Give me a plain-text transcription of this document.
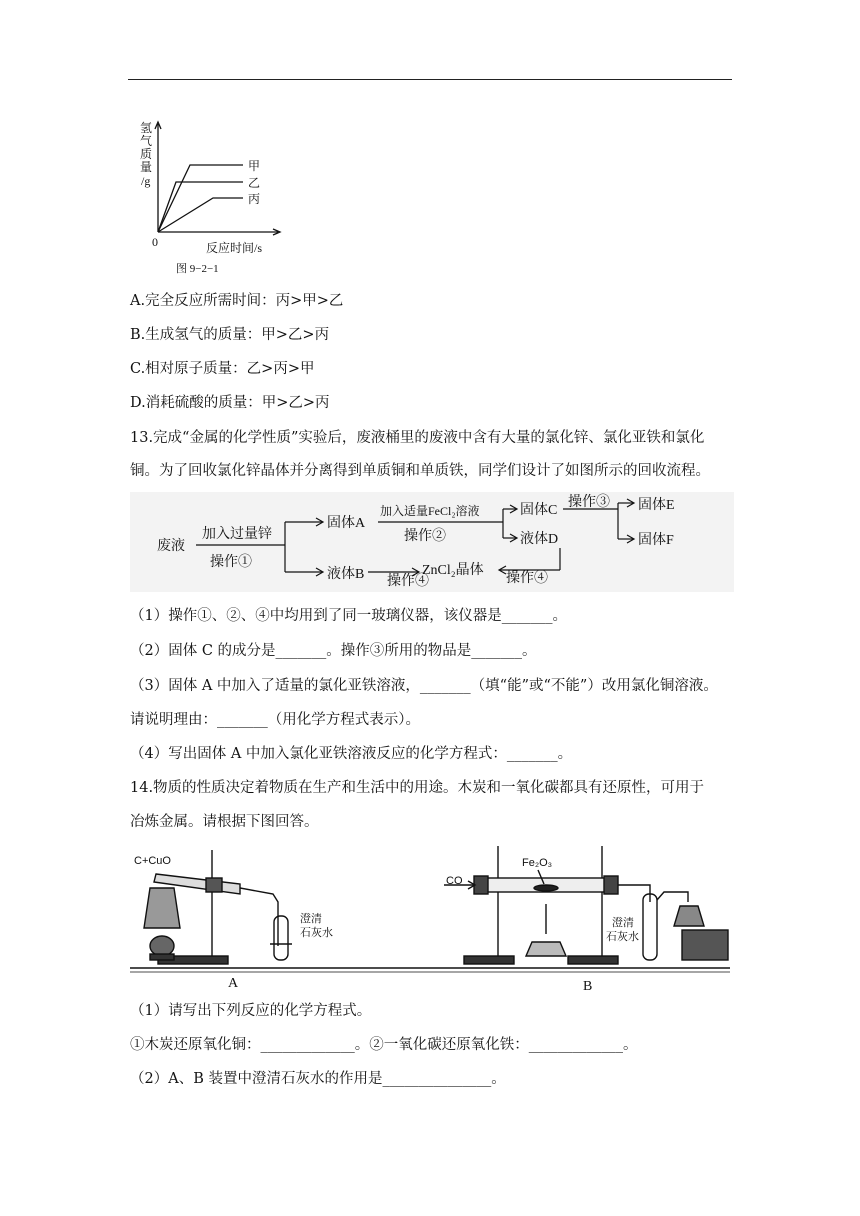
氢
气
质
量
/g
0	反应时间/s
甲
乙
丙
图 9−2−1
A.完全反应所需时间：丙>甲>乙
B.生成氢气的质量：甲>乙>丙
C.相对原子质量：乙>丙>甲
D.消耗硫酸的质量：甲>乙>丙
13.完成“金属的化学性质”实验后，废液桶里的废液中含有大量的氯化锌、氯化亚铁和氯化
铜。为了回收氯化锌晶体并分离得到单质铜和单质铁，同学们设计了如图所示的回收流程。
废液
加入过量锌
操作①
固体A
液体B
加入适量FeCl₂溶液
操作②
固体C
液体D
操作③ 固体E
固体F
ZnCl₂晶体
操作④	操作④
（1）操作①、②、④中均用到了同一玻璃仪器，该仪器是_______。
（2）固体 C 的成分是_______。操作③所用的物品是_______。
（3）固体 A 中加入了适量的氯化亚铁溶液，_______（填“能”或“不能”）改用氯化铜溶液。
请说明理由：_______（用化学方程式表示）。
（4）写出固体 A 中加入氯化亚铁溶液反应的化学方程式：_______。
14.物质的性质决定着物质在生产和生活中的用途。木炭和一氧化碳都具有还原性，可用于
冶炼金属。请根据下图回答。
C+CuO
澄清
石灰水
A
CO
Fe₂O₃
澄清
石灰水
B
（1）请写出下列反应的化学方程式。
①木炭还原氧化铜：_____________。②一氧化碳还原氧化铁：_____________。
（2）A、B 装置中澄清石灰水的作用是_______________。
